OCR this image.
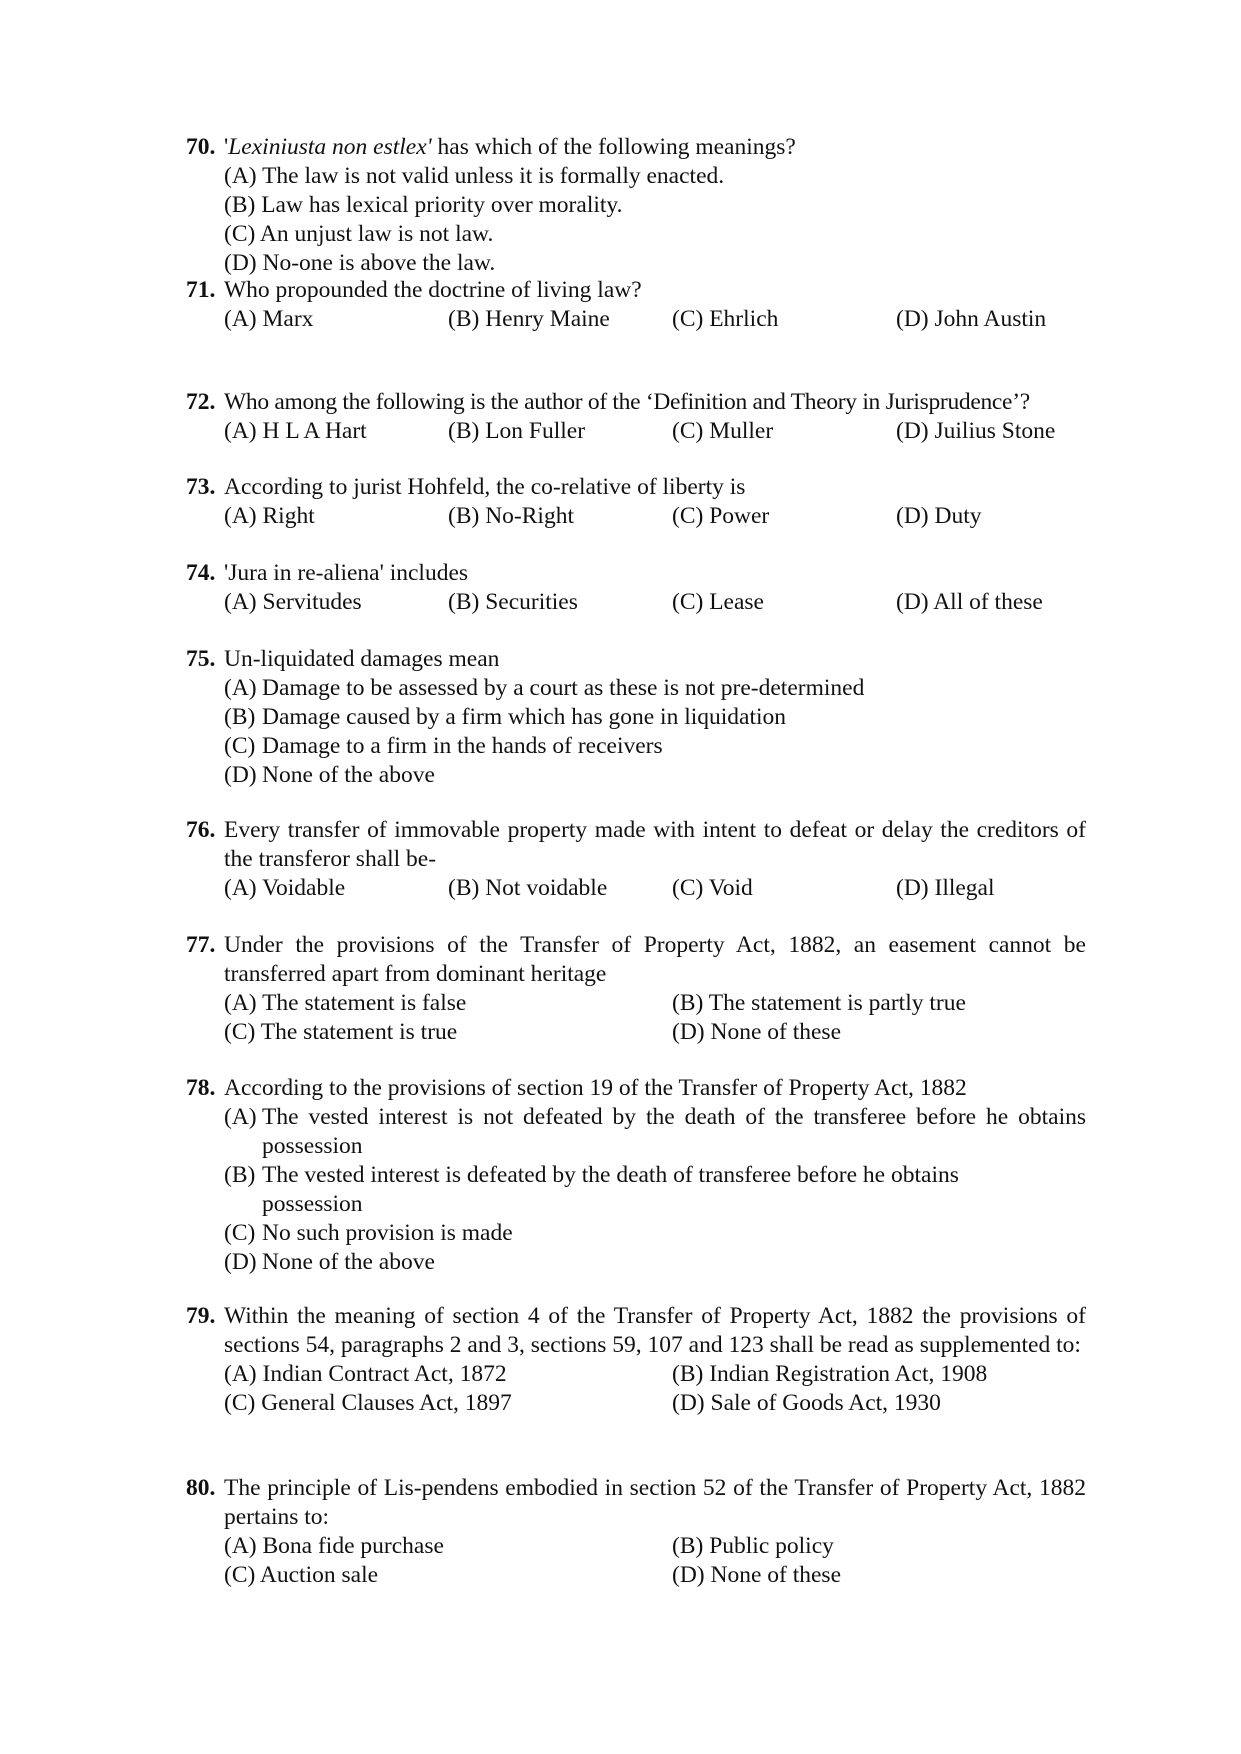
70. 'Lexiniusta non estlex' has which of the following meanings?
(A) The law is not valid unless it is formally enacted.
(B) Law has lexical priority over morality.
(C) An unjust law is not law.
(D) No-one is above the law.
71. Who propounded the doctrine of living law?
(A) Marx	(B) Henry Maine	(C) Ehrlich	(D) John Austin
72. Who among the following is the author of the ‘Definition and Theory in Jurisprudence’?
(A) H L A Hart	(B) Lon Fuller	(C) Muller	(D) Juilius Stone
73. According to jurist Hohfeld, the co-relative of liberty is
(A) Right	(B) No-Right	(C) Power	(D) Duty
74. 'Jura in re-aliena' includes
(A) Servitudes	(B) Securities	(C) Lease	(D) All of these
75. Un-liquidated damages mean
(A) Damage to be assessed by a court as these is not pre-determined
(B) Damage caused by a firm which has gone in liquidation
(C) Damage to a firm in the hands of receivers
(D) None of the above
76. Every transfer of immovable property made with intent to defeat or delay the creditors of the transferor shall be-
(A) Voidable	(B) Not voidable	(C) Void	(D) Illegal
77. Under the provisions of the Transfer of Property Act, 1882, an easement cannot be transferred apart from dominant heritage
(A) The statement is false	(B) The statement is partly true
(C) The statement is true	(D) None of these
78. According to the provisions of section 19 of the Transfer of Property Act, 1882
(A) The vested interest is not defeated by the death of the transferee before he obtains possession
(B) The vested interest is defeated by the death of transferee before he obtains possession
(C) No such provision is made
(D) None of the above
79. Within the meaning of section 4 of the Transfer of Property Act, 1882 the provisions of sections 54, paragraphs 2 and 3, sections 59, 107 and 123 shall be read as supplemented to:
(A) Indian Contract Act, 1872	(B) Indian Registration Act, 1908
(C) General Clauses Act, 1897	(D) Sale of Goods Act, 1930
80. The principle of Lis-pendens embodied in section 52 of the Transfer of Property Act, 1882 pertains to:
(A) Bona fide purchase	(B) Public policy
(C) Auction sale	(D) None of these
